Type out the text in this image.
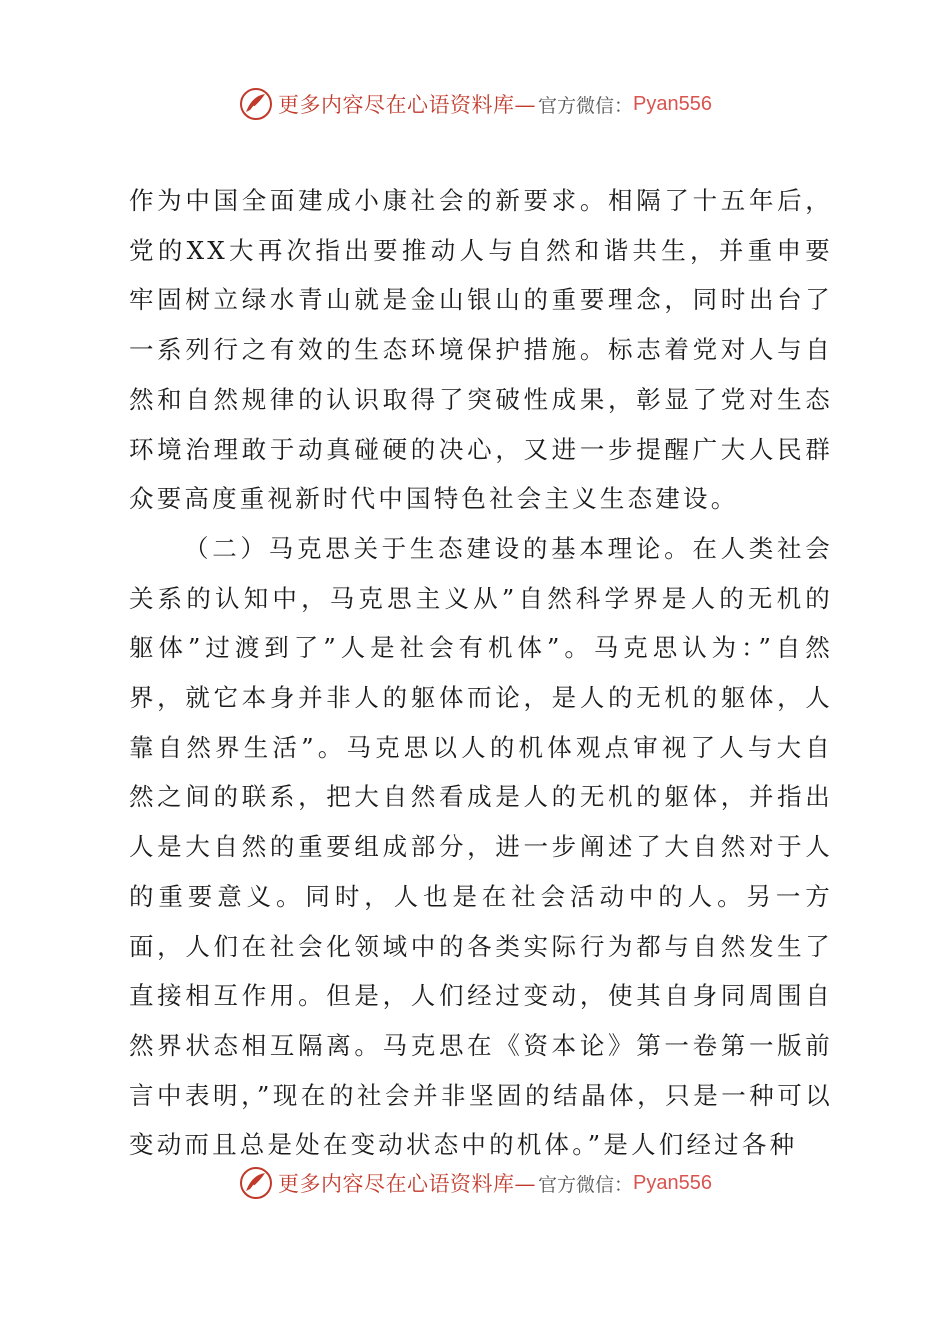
更多内容尽在心语资料库— 官方微信： Pyan556

作为中国全面建成小康社会的新要求。相隔了十五年后，党的XX大再次指出要推动人与自然和谐共生，并重申要牢固树立绿水青山就是金山银山的重要理念，同时出台了一系列行之有效的生态环境保护措施。标志着党对人与自然和自然规律的认识取得了突破性成果，彰显了党对生态环境治理敢于动真碰硬的决心，又进一步提醒广大人民群众要高度重视新时代中国特色社会主义生态建设。

（二）马克思关于生态建设的基本理论。在人类社会关系的认知中，马克思主义从”自然科学界是人的无机的躯体”过渡到了”人是社会有机体”。马克思认为：”自然界，就它本身并非人的躯体而论，是人的无机的躯体，人靠自然界生活”。马克思以人的机体观点审视了人与大自然之间的联系，把大自然看成是人的无机的躯体，并指出人是大自然的重要组成部分，进一步阐述了大自然对于人的重要意义。同时，人也是在社会活动中的人。另一方面，人们在社会化领域中的各类实际行为都与自然发生了直接相互作用。但是，人们经过变动，使其自身同周围自然界状态相互隔离。马克思在《资本论》第一卷第一版前言中表明，”现在的社会并非坚固的结晶体，只是一种可以变动而且总是处在变动状态中的机体。”是人们经过各种

更多内容尽在心语资料库— 官方微信： Pyan556
